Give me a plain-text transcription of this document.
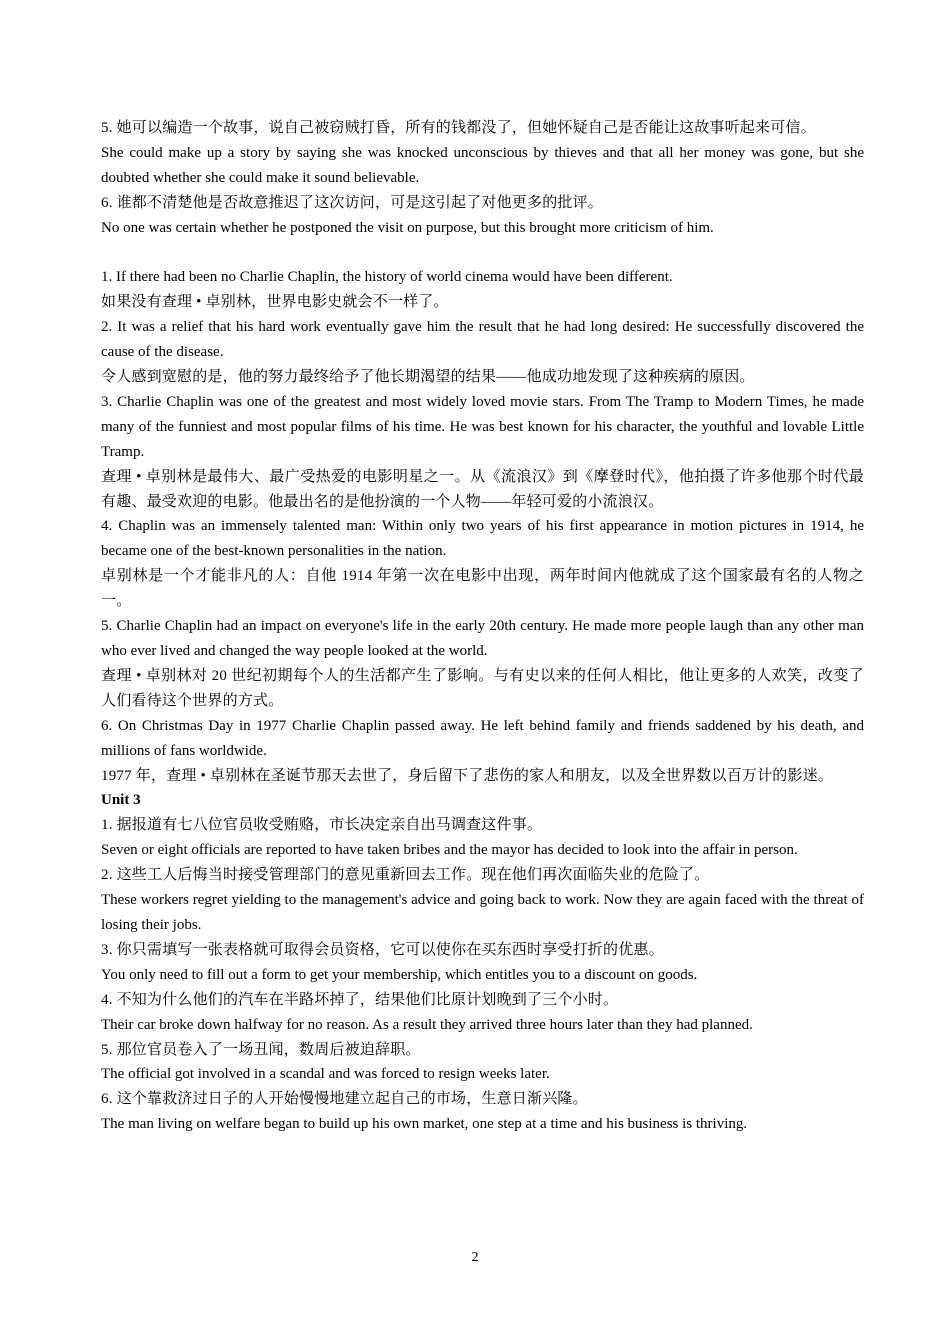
5. 她可以编造一个故事，说自己被窃贼打昏，所有的钱都没了，但她怀疑自己是否能让这故事听起来可信。

She could make up a story by saying she was knocked unconscious by thieves and that all her money was gone, but she doubted whether she could make it sound believable.

6. 谁都不清楚他是否故意推迟了这次访问，可是这引起了对他更多的批评。

No one was certain whether he postponed the visit on purpose, but this brought more criticism of him.

1. If there had been no Charlie Chaplin, the history of world cinema would have been different.

如果没有查理 • 卓别林，世界电影史就会不一样了。

2. It was a relief that his hard work eventually gave him the result that he had long desired: He successfully discovered the cause of the disease.

令人感到宽慰的是，他的努力最终给予了他长期渴望的结果——他成功地发现了这种疾病的原因。

3. Charlie Chaplin was one of the greatest and most widely loved movie stars. From The Tramp to Modern Times, he made many of the funniest and most popular films of his time. He was best known for his character, the youthful and lovable Little Tramp.

查理 • 卓别林是最伟大、最广受热爱的电影明星之一。从《流浪汉》到《摩登时代》，他拍摄了许多他那个时代最有趣、最受欢迎的电影。他最出名的是他扮演的一个人物——年轻可爱的小流浪汉。

4. Chaplin was an immensely talented man: Within only two years of his first appearance in motion pictures in 1914, he became one of the best-known personalities in the nation.

卓别林是一个才能非凡的人：自他 1914 年第一次在电影中出现，两年时间内他就成了这个国家最有名的人物之一。

5. Charlie Chaplin had an impact on everyone's life in the early 20th century. He made more people laugh than any other man who ever lived and changed the way people looked at the world.

查理 • 卓别林对 20 世纪初期每个人的生活都产生了影响。与有史以来的任何人相比，他让更多的人欢笑，改变了人们看待这个世界的方式。

6. On Christmas Day in 1977 Charlie Chaplin passed away. He left behind family and friends saddened by his death, and millions of fans worldwide.

1977 年，查理 • 卓别林在圣诞节那天去世了，身后留下了悲伤的家人和朋友，以及全世界数以百万计的影迷。

Unit 3

1. 据报道有七八位官员收受贿赂，市长决定亲自出马调查这件事。

Seven or eight officials are reported to have taken bribes and the mayor has decided to look into the affair in person.

2. 这些工人后悔当时接受管理部门的意见重新回去工作。现在他们再次面临失业的危险了。

These workers regret yielding to the management's advice and going back to work. Now they are again faced with the threat of losing their jobs.

3. 你只需填写一张表格就可取得会员资格，它可以使你在买东西时享受打折的优惠。

You only need to fill out a form to get your membership, which entitles you to a discount on goods.

4. 不知为什么他们的汽车在半路坏掉了，结果他们比原计划晚到了三个小时。

Their car broke down halfway for no reason. As a result they arrived three hours later than they had planned.

5. 那位官员卷入了一场丑闻，数周后被迫辞职。

The official got involved in a scandal and was forced to resign weeks later.

6. 这个靠救济过日子的人开始慢慢地建立起自己的市场，生意日渐兴隆。

The man living on welfare began to build up his own market, one step at a time and his business is thriving.

2
